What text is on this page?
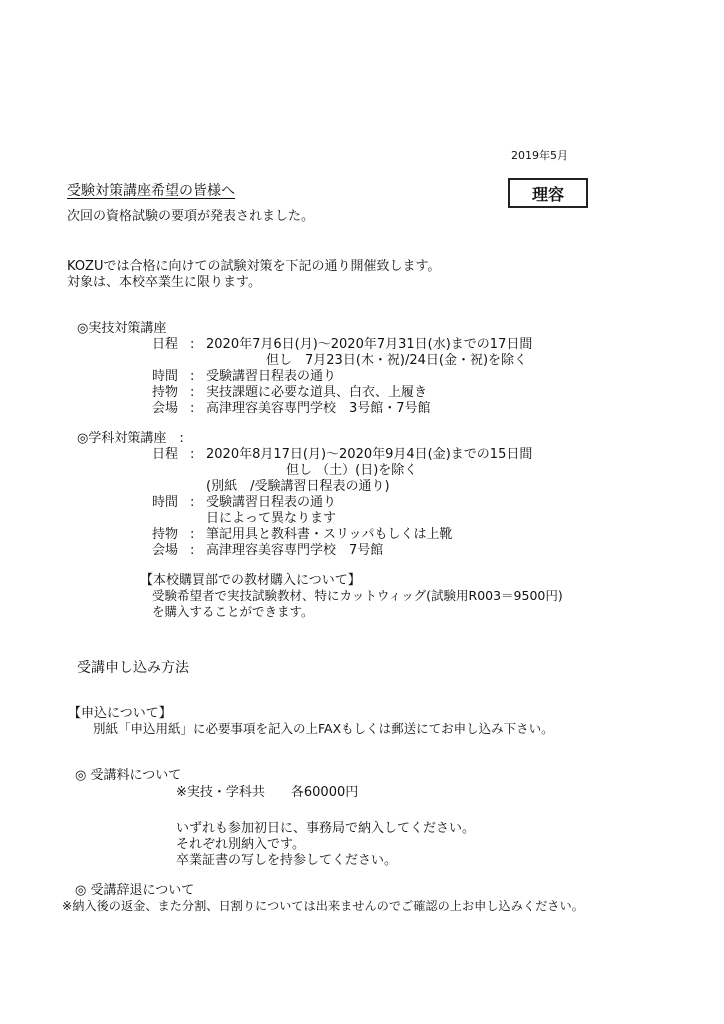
2019年5月
受験対策講座希望の皆様へ	理容
次回の資格試験の要項が発表されました。
KOZUでは合格に向けての試験対策を下記の通り開催致します。
対象は、本校卒業生に限ります。
◎実技対策講座
日程 : 2020年7月6日(月)～2020年7月31日(水)までの17日間
但し　7月23日(木・祝)/24日(金・祝)を除く
時間 : 受験講習日程表の通り
持物 : 実技課題に必要な道具、白衣、上履き
会場 : 高津理容美容専門学校　3号館・7号館
◎学科対策講座　:
日程 : 2020年8月17日(月)～2020年9月4日(金)までの15日間
但し （土）(日)を除く
(別紙　/受験講習日程表の通り)
時間 : 受験講習日程表の通り
日によって異なります
持物 : 筆記用具と教科書・スリッパもしくは上靴
会場 : 高津理容美容専門学校　7号館
【本校購買部での教材購入について】
受験希望者で実技試験教材、特にカットウィッグ(試験用R003＝9500円)
を購入することができます。
受講申し込み方法
【申込について】
別紙「申込用紙」に必要事項を記入の上FAXもしくは郵送にてお申し込み下さい。
◎ 受講料について
※実技・学科共　　各60000円
いずれも参加初日に、事務局で納入してください。
それぞれ別納入です。
卒業証書の写しを持参してください。
◎ 受講辞退について
※納入後の返金、また分割、日割りについては出来ませんのでご確認の上お申し込みください。
